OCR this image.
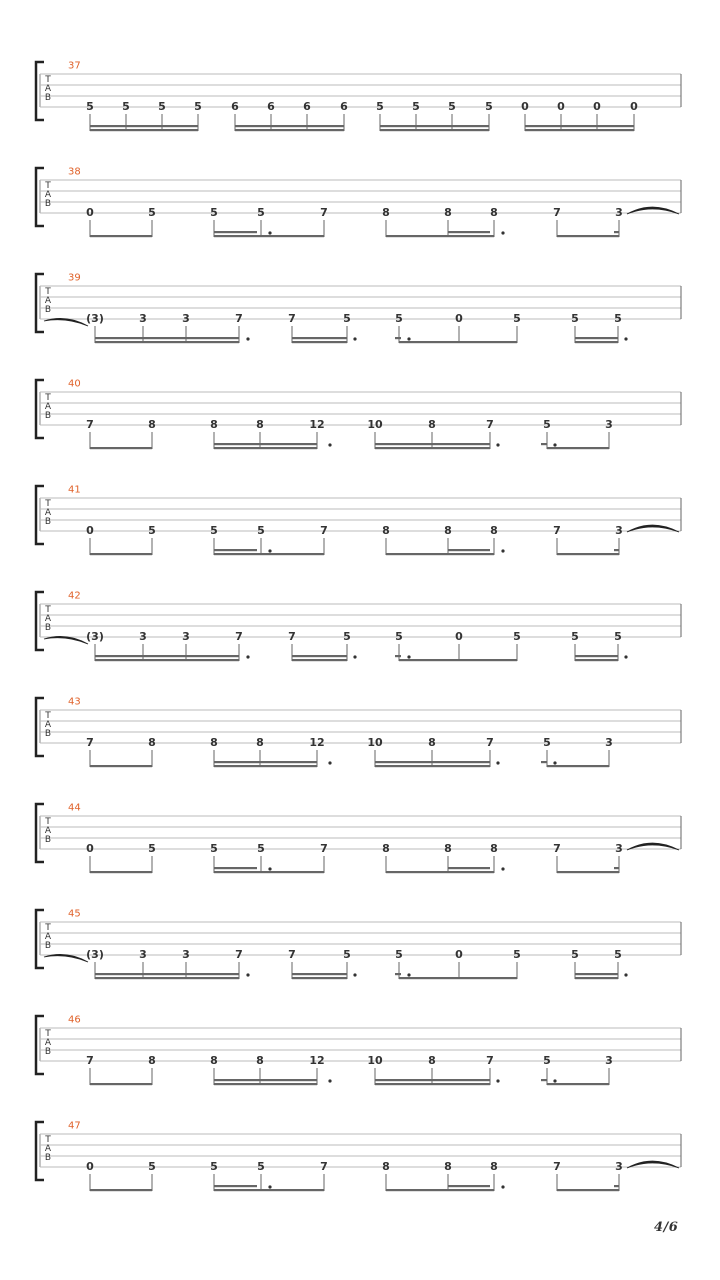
37
T
A
B
5	5	5	5	6	6	6	6	5	5	5	5	0	0	0	0
38
T
A
B
0	5	5	5	7	8	8	8	7	3
39
T
A
B
(3)	3	3	7	7	5	5	0	5	5	5
40
T
A
B
7	8	8	8	12	10	8	7	5	3
41
T
A
B
0	5	5	5	7	8	8	8	7	3
42
T
A
B
(3)	3	3	7	7	5	5	0	5	5	5
43
T
A
B
7	8	8	8	12	10	8	7	5	3
44
T
A
B
0	5	5	5	7	8	8	8	7	3
45
T
A
B
(3)	3	3	7	7	5	5	0	5	5	5
46
T
A
B
7	8	8	8	12	10	8	7	5	3
47
T
A
B
0	5	5	5	7	8	8	8	7	3
4/6
